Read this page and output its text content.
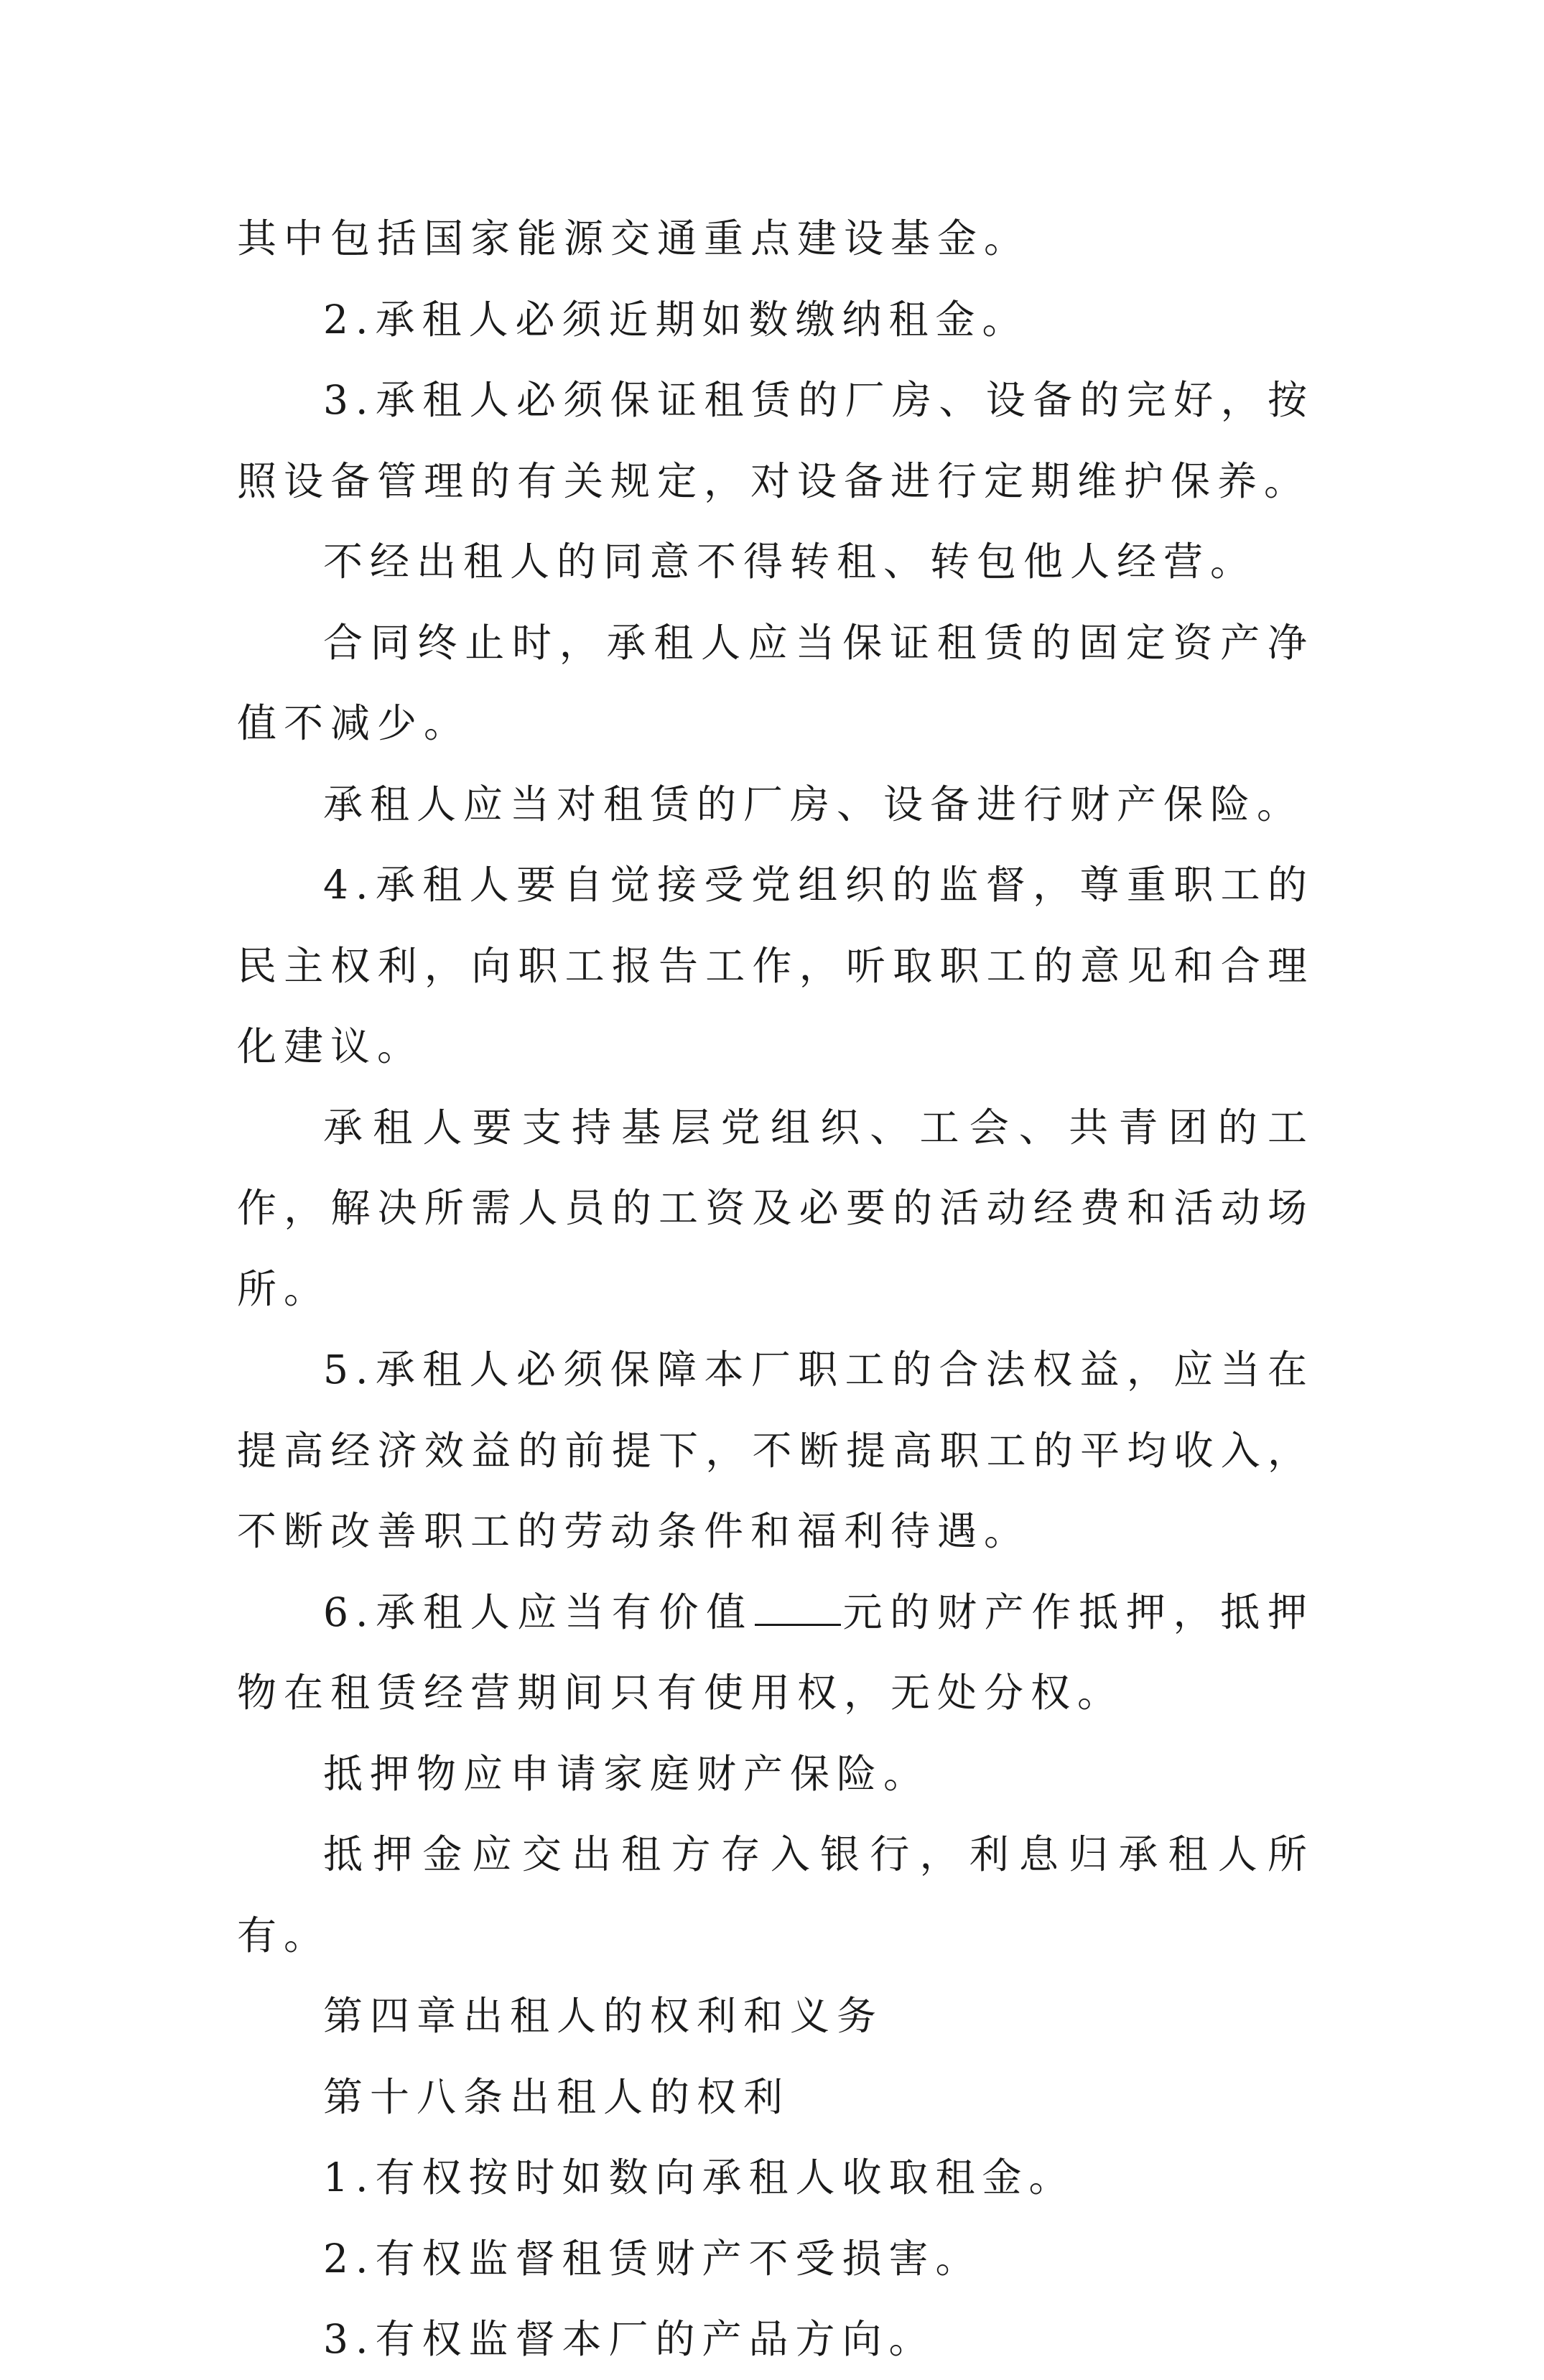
其中包括国家能源交通重点建设基金。

2.承租人必须近期如数缴纳租金。

3.承租人必须保证租赁的厂房、设备的完好，按照设备管理的有关规定，对设备进行定期维护保养。

不经出租人的同意不得转租、转包他人经营。

合同终止时，承租人应当保证租赁的固定资产净值不减少。

承租人应当对租赁的厂房、设备进行财产保险。

4.承租人要自觉接受党组织的监督，尊重职工的民主权利，向职工报告工作，听取职工的意见和合理化建议。

承租人要支持基层党组织、工会、共青团的工作，解决所需人员的工资及必要的活动经费和活动场所。

5.承租人必须保障本厂职工的合法权益，应当在提高经济效益的前提下，不断提高职工的平均收入，不断改善职工的劳动条件和福利待遇。

6.承租人应当有价值 元的财产作抵押，抵押物在租赁经营期间只有使用权，无处分权。

抵押物应申请家庭财产保险。

抵押金应交出租方存入银行，利息归承租人所有。

第四章出租人的权利和义务

第十八条出租人的权利

1.有权按时如数向承租人收取租金。

2.有权监督租赁财产不受损害。

3.有权监督本厂的产品方向。
